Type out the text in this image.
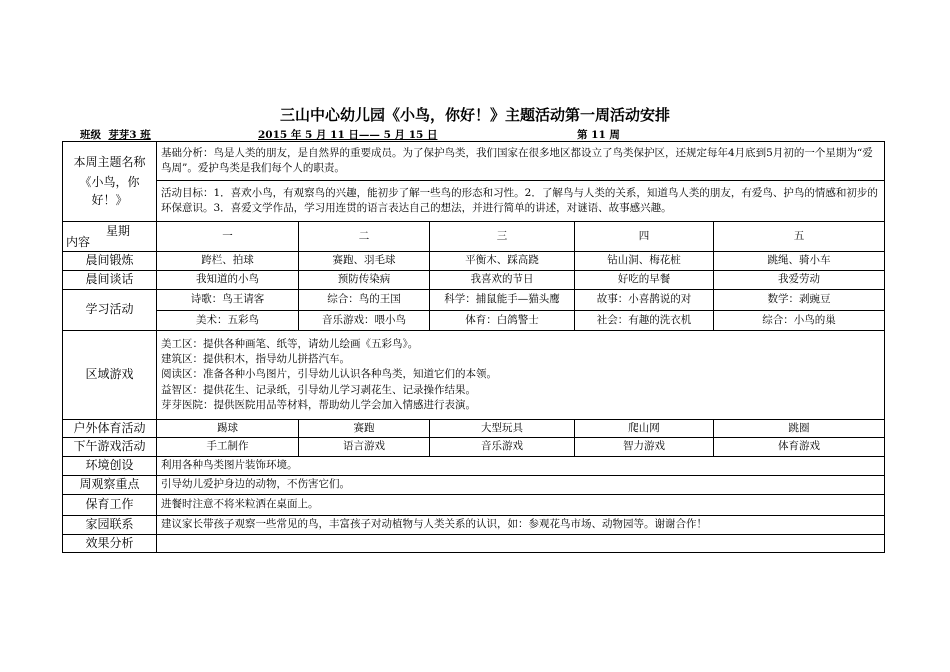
三山中心幼儿园《小鸟，你好！》主题活动第一周活动安排
班级 芽芽3 班	2015 年 5 月 11 日—— 5 月 15 日	第 11 周
本周主题名称
《小鸟，你好！》	基础分析：鸟是人类的朋友，是自然界的重要成员。为了保护鸟类，我们国家在很多地区都设立了鸟类保护区，还规定每年4月底到5月初的一个星期为“爱鸟周”。爱护鸟类是我们每个人的职责。				
	活动目标：1．喜欢小鸟，有观察鸟的兴趣，能初步了解一些鸟的形态和习性。2．了解鸟与人类的关系，知道鸟人类的朋友，有爱鸟、护鸟的情感和初步的环保意识。3．喜爱文学作品，学习用连贯的语言表达自己的想法，并进行简单的讲述，对谜语、故事感兴趣。				

星期
内容	一	二	三	四	五
晨间锻炼	跨栏、拍球	赛跑、羽毛球	平衡木、踩高跷	钻山洞、梅花桩	跳绳、骑小车
晨间谈话	我知道的小鸟	预防传染病	我喜欢的节日	好吃的早餐	我爱劳动
学习活动	诗歌：鸟王请客	综合：鸟的王国	科学：捕鼠能手—猫头鹰	故事：小喜鹊说的对	数学：剥豌豆
	美术：五彩鸟	音乐游戏：喂小鸟	体育：白鸽警士	社会：有趣的洗衣机	综合：小鸟的巢
区域游戏	美工区：提供各种画笔、纸等，请幼儿绘画《五彩鸟》。
建筑区：提供积木，指导幼儿拼搭汽车。
阅读区：准备各种小鸟图片，引导幼儿认识各种鸟类，知道它们的本领。
益智区：提供花生、记录纸，引导幼儿学习剥花生、记录操作结果。
芽芽医院：提供医院用品等材料，帮助幼儿学会加入情感进行表演。				

户外体育活动	踢球	赛跑	大型玩具	爬山网	跳圈
下午游戏活动	手工制作	语言游戏	音乐游戏	智力游戏	体育游戏
环境创设	利用各种鸟类图片装饰环境。				
周观察重点	引导幼儿爱护身边的动物，不伤害它们。				
保育工作	进餐时注意不将米粒洒在桌面上。				
家园联系	建议家长带孩子观察一些常见的鸟，丰富孩子对动植物与人类关系的认识，如：参观花鸟市场、动物园等。谢谢合作！				
效果分析					
